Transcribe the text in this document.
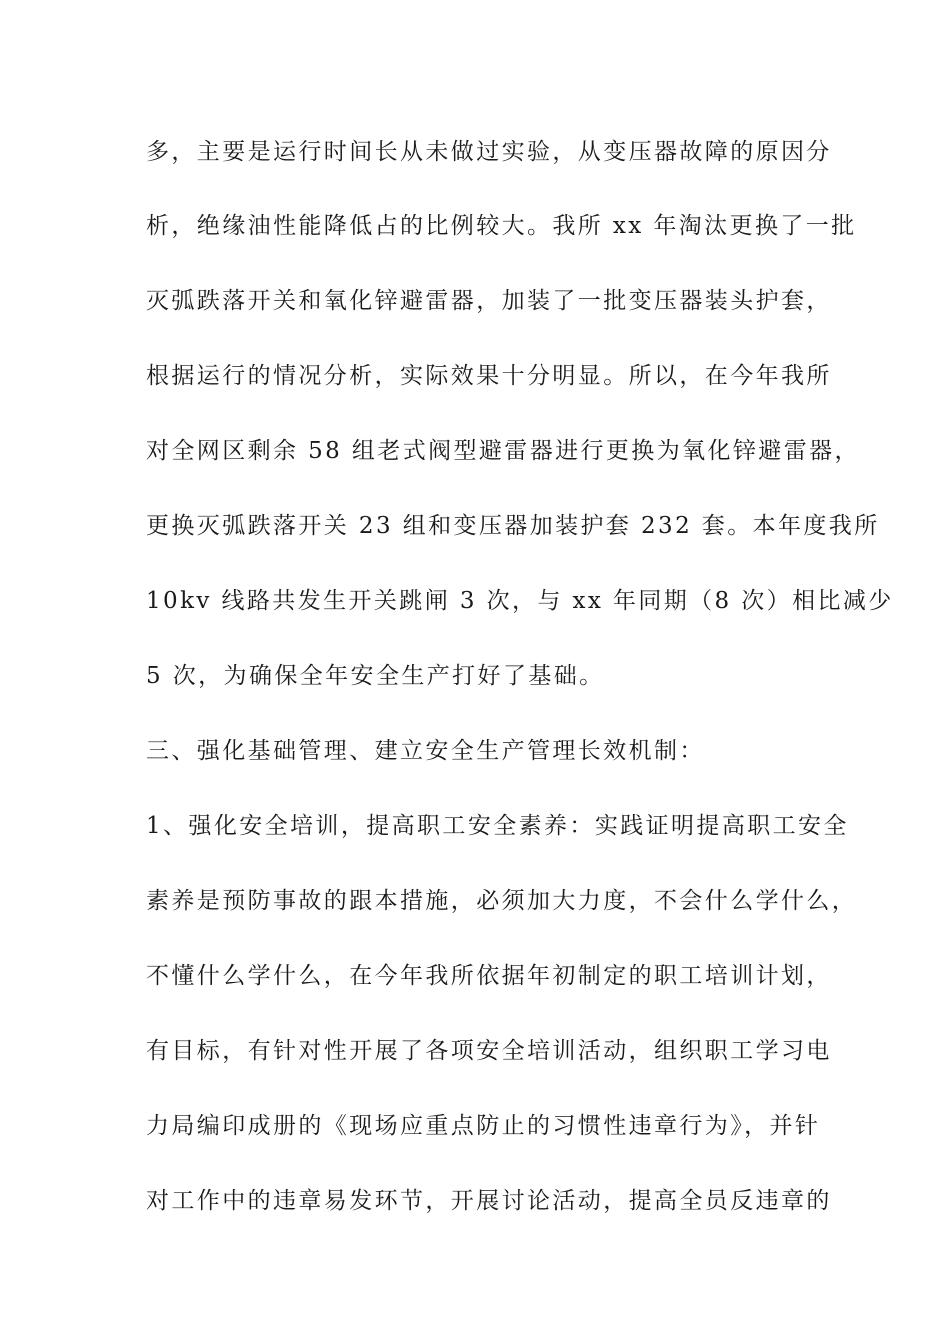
多，主要是运行时间长从未做过实验，从变压器故障的原因分
析，绝缘油性能降低占的比例较大。我所 xx 年淘汰更换了一批
灭弧跌落开关和氧化锌避雷器，加装了一批变压器装头护套，
根据运行的情况分析，实际效果十分明显。所以，在今年我所
对全网区剩余 58 组老式阀型避雷器进行更换为氧化锌避雷器，
更换灭弧跌落开关 23 组和变压器加装护套 232 套。本年度我所
10kv 线路共发生开关跳闸 3 次，与 xx 年同期（8 次）相比减少
5 次，为确保全年安全生产打好了基础。
三、强化基础管理、建立安全生产管理长效机制：
1、强化安全培训，提高职工安全素养：实践证明提高职工安全
素养是预防事故的跟本措施，必须加大力度，不会什么学什么，
不懂什么学什么，在今年我所依据年初制定的职工培训计划，
有目标，有针对性开展了各项安全培训活动，组织职工学习电
力局编印成册的《现场应重点防止的习惯性违章行为》，并针
对工作中的违章易发环节，开展讨论活动，提高全员反违章的
